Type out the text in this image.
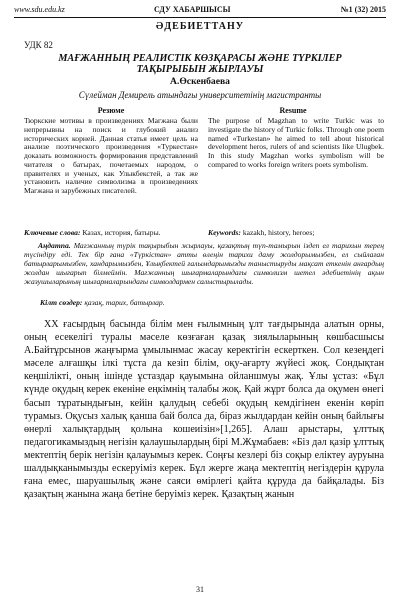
www.sdu.edu.kz	СДУ ХАБАРШЫСЫ	№1 (32) 2015
ӘДЕБИЕТТАНУ
УДК 82
МАҒЖАННЫҢ РЕАЛИСТІК КӨЗҚАРАСЫ ЖӘНЕ ТҮРКІЛЕР ТАҚЫРЫБЫН ЖЫРЛАУЫ
А.Өскенбаева
Сүлейман Демирель атындағы университетінің магистранты
Резюме	Resume
Тюркские мотивы в произведениях Магжана были непрерывны на поиск и глубокий анализ исторических корней. Данная статья имеет цель на анализе поэтического произведения «Туркестан» доказать возможность формирования представлений читателя о батырах, почетаемых народом, о правителях и ученых, как Улыкбекстей, а так же установить наличие символизма в произведениях Магжана и зарубежных писателей.
The purpose of Magzhan to write Turkic was to investigate the history of Turkic folks. Through one poem named «Turkestan» he aimed to tell about historical development heros, rulers of and scientists like Ulugbek. In this study Magzhan works symbolism will be compared to works foreign writers poets symbolism.
Ключевые слова: Казах, история, батыры.	Keywords: kazakh, history, heroes;
Аңдатпа. Мағжанның түрік тақырыбын жырлауы, қазақтың түп-тамырын іздеп ел тарихын терең түсіндіру еді. Тек бір ғана «Түркістан» атты өлеңін тарихи даму жолдорымызбен, ел сыйлаған батырларымызбен, хандарымызбен, Ұлықбектей ғалымдарымызды таныстыруды мақсат еткенін анғардың жолдан шығарып білмеймін. Мағжанның шығармаларындағы символизм шетел әдебиетінің ақын жазушыларының шығармаларындағы символдармен салыстырылады.
Кілт сөздер: қазақ, тарих, батырлар.
ХХ ғасырдың басында білім мен ғылымның ұлт тағдырында алатын орны, оның есекелігі туралы мәселе көзғаған қазақ зиялыларының көшбасшысы А.Байтұрсынов жаңғырма ұмылынмас жасау керектігін ескерткен. Сол кезеңдегі мәселе алғашқы ілкі тұста да кезіп білім, оқу-ағарту жүйесі жоқ. Сондықтан кеңшілікті, оның ішінде ұстаздар қауымына ойланшмуы жақ. Ұлы ұстаз: «Бұл күнде оқудың керек екеніне еңкімнің талабы жоқ. Қай жұрт болса да оқумен өнегі басып тұратындығын, кейін қалудың себебі оқудың кемдігінен екенін көріп турамыз. Оқусыз халық қанша бай болса да, біраз жылдардан кейін оның байлығы өнерлі халықтардың қолына кошеиізін»[1,265]. Алаш арыстары, ұлттық педагогикамыздың негізін қалаушылардың бірі М.Жұмабаев: «Біз дәл қазір ұлттық мектептің берік негізін қалауымыз керек. Соңғы кезлері біз соқыр еліктеу ауруына шалдықканымызды ескеруіміз керек. Бұл жерге жаңа мектептің негіздерін құрула ғана емес, шаруашылық және саяси өмірлегі қайта құруда да байқалады. Біз қазақтың жанына жаңа бетіне беруіміз керек. Қазақтың жанын
31
